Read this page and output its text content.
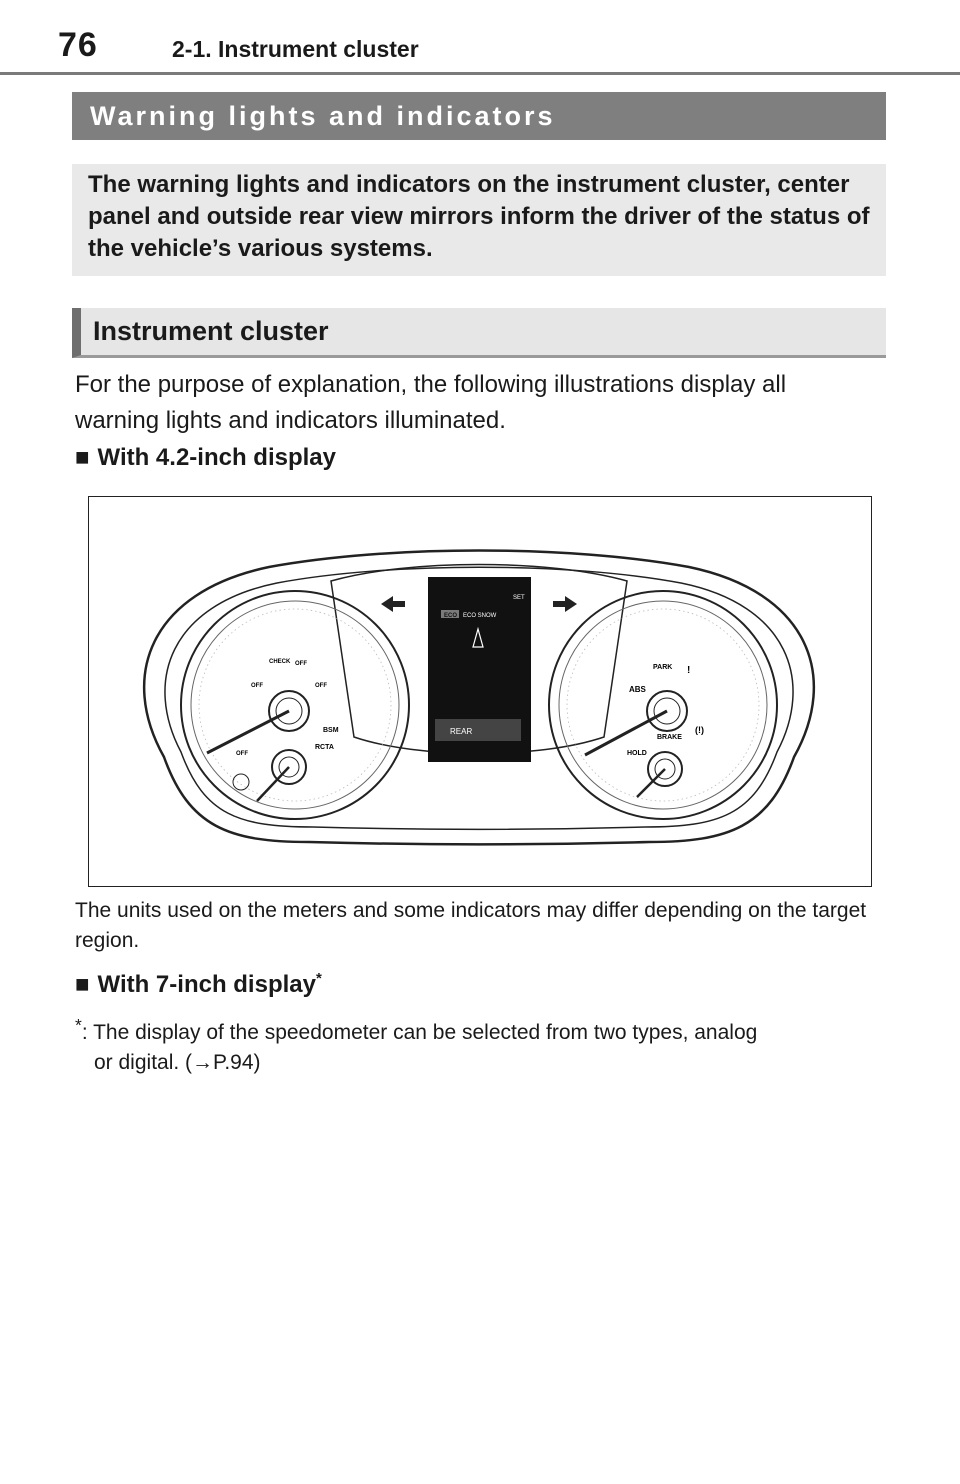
76	2-1. Instrument cluster
Warning lights and indicators
The warning lights and indicators on the instrument cluster, center panel and outside rear view mirrors inform the driver of the status of the vehicle’s various systems.
Instrument cluster
For the purpose of explanation, the following illustrations display all warning lights and indicators illuminated.
■ With 4.2-inch display
CHECK OFF
OFF	OFF
BSM
RCTA
OFF
PARK !
ABS
(!)
BRAKE
HOLD
ECO ECO SNOW
SET
REAR
The units used on the meters and some indicators may differ depending on the target region.
■ With 7-inch display*
*: The display of the speedometer can be selected from two types, analog
or digital. (→P.94)
